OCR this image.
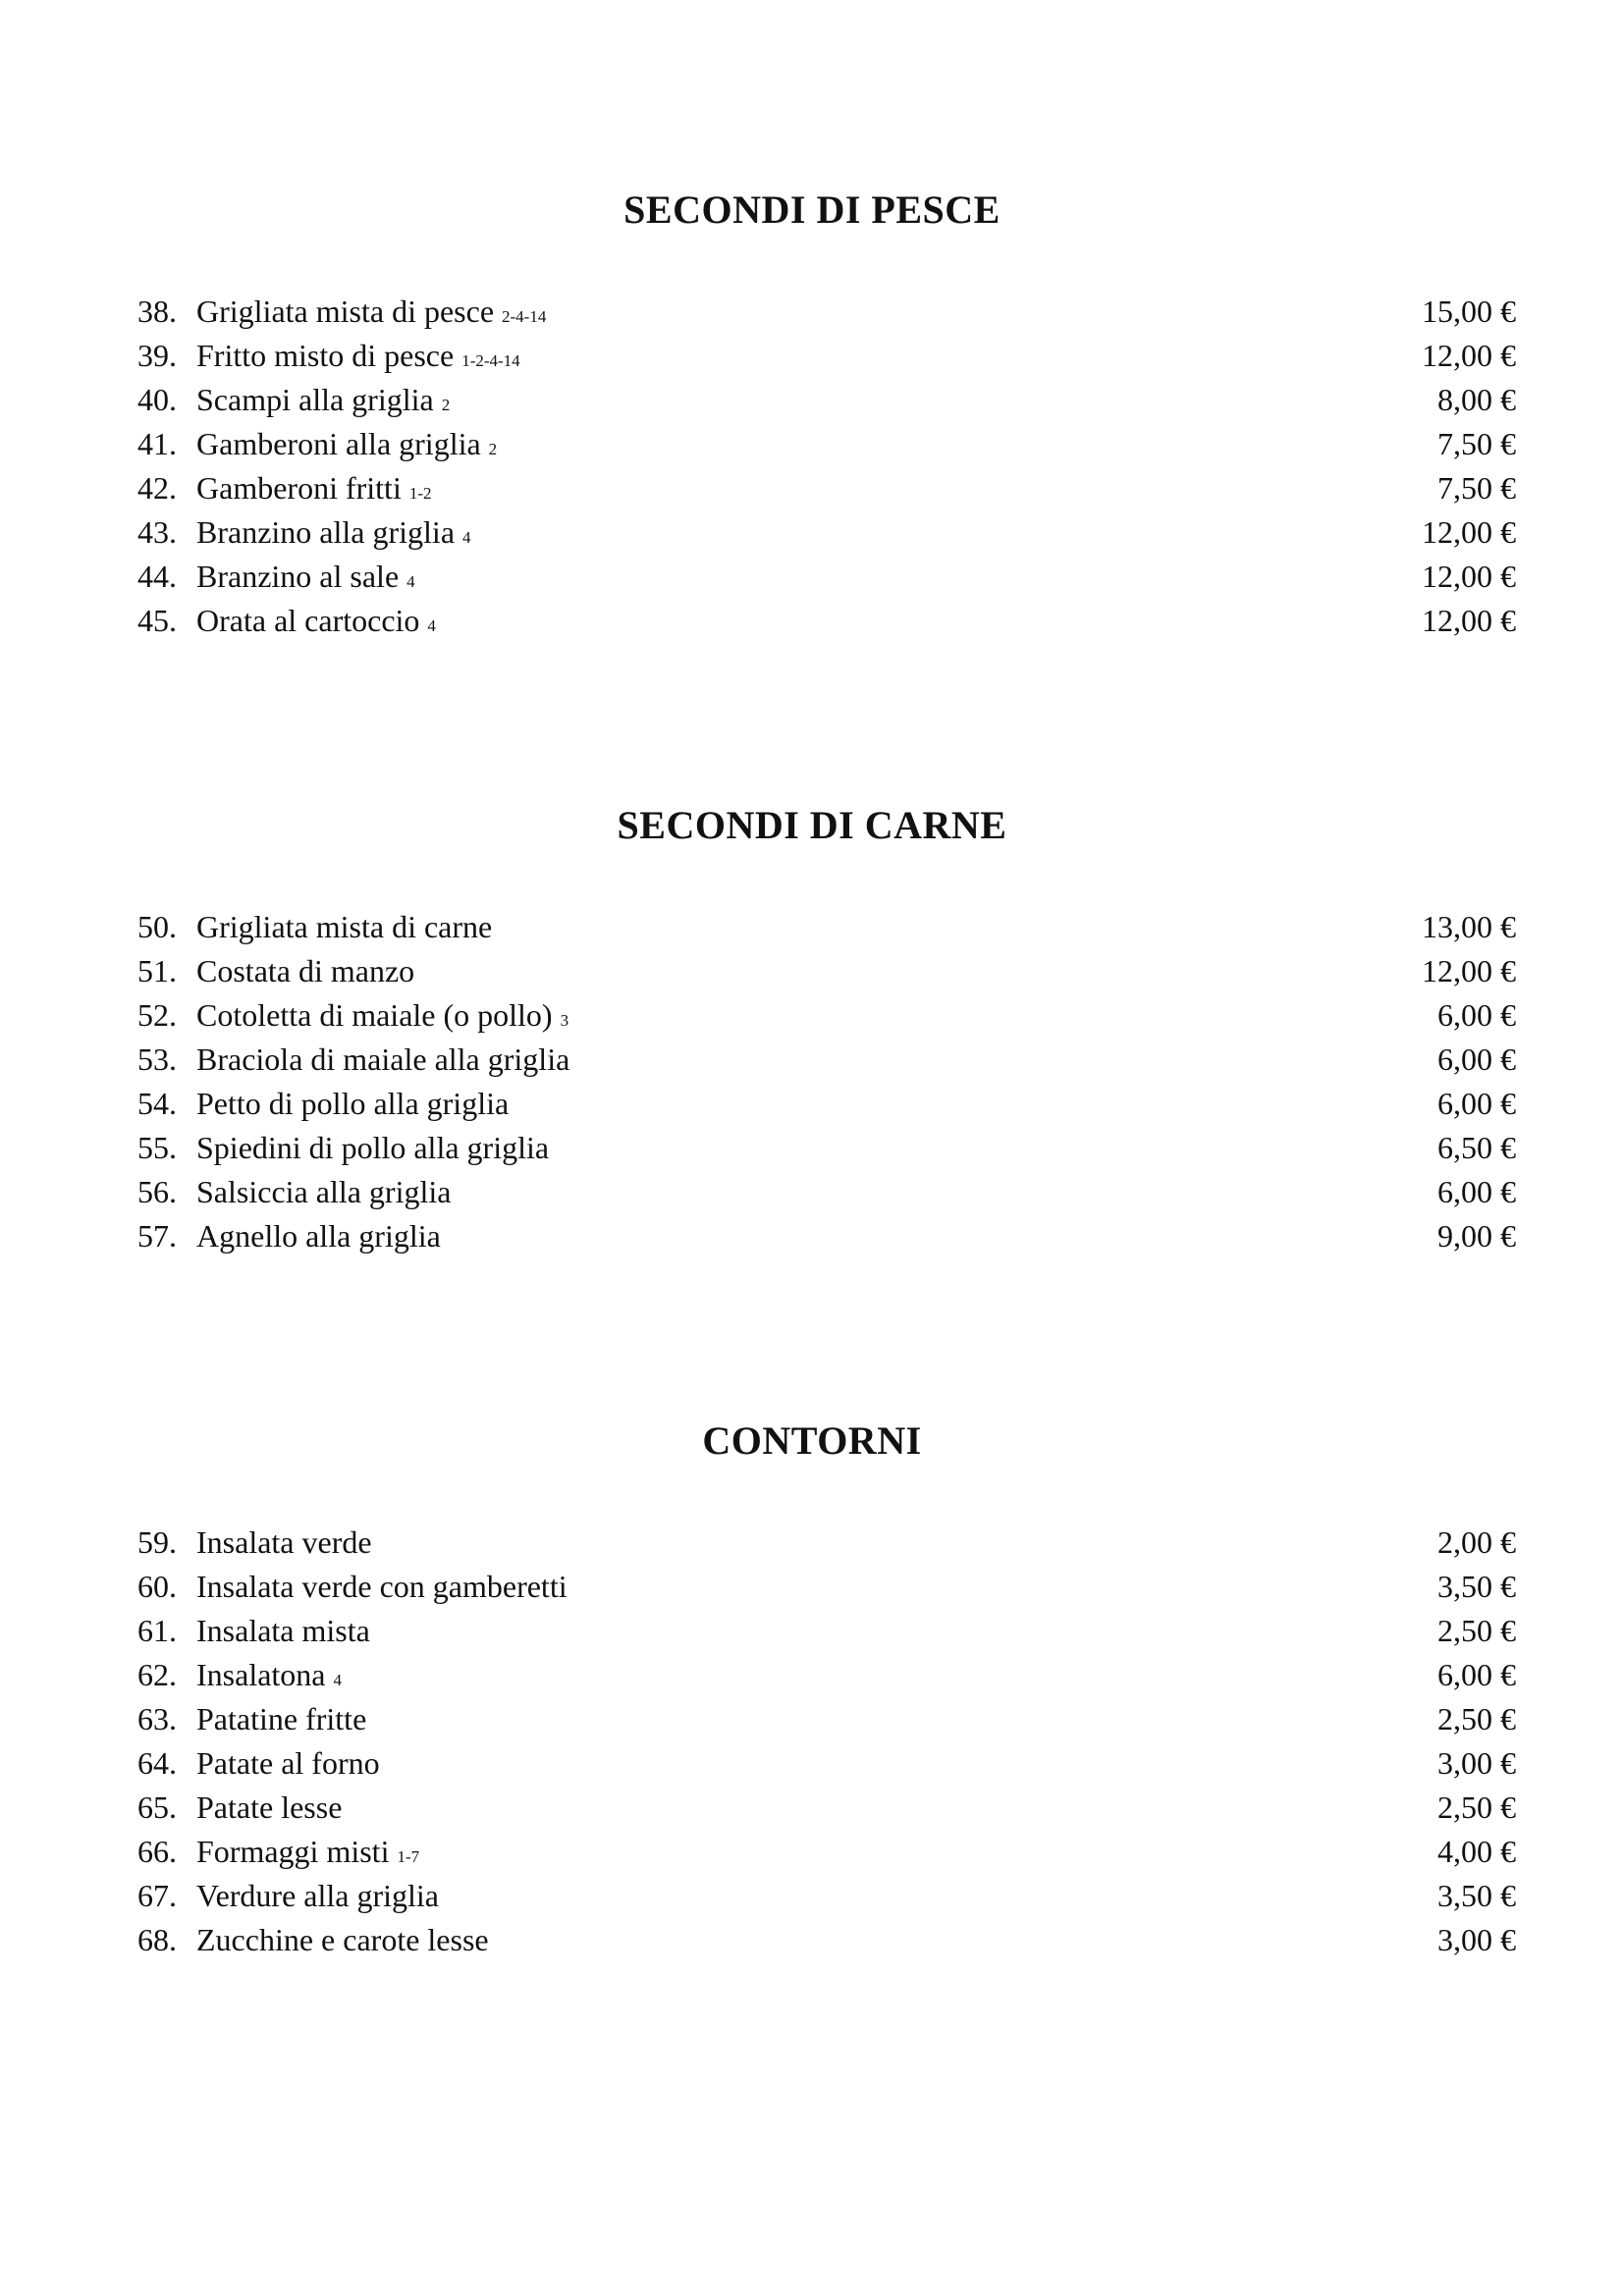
SECONDI DI PESCE
38. Grigliata mista di pesce 2-4-14	15,00 €
39. Fritto misto di pesce 1-2-4-14	12,00 €
40. Scampi alla griglia 2	8,00 €
41. Gamberoni alla griglia 2	7,50 €
42. Gamberoni fritti 1-2	7,50 €
43. Branzino alla griglia 4	12,00 €
44. Branzino al sale 4	12,00 €
45. Orata al cartoccio 4	12,00 €
SECONDI DI CARNE
50. Grigliata mista di carne	13,00 €
51. Costata di manzo	12,00 €
52. Cotoletta di maiale (o pollo) 3	6,00 €
53. Braciola di maiale alla griglia	6,00 €
54. Petto di pollo alla griglia	6,00 €
55. Spiedini di pollo alla griglia	6,50 €
56. Salsiccia alla griglia	6,00 €
57. Agnello alla griglia	9,00 €
CONTORNI
59. Insalata verde	2,00 €
60. Insalata verde con gamberetti	3,50 €
61. Insalata mista	2,50 €
62. Insalatona 4	6,00 €
63. Patatine fritte	2,50 €
64. Patate al forno	3,00 €
65. Patate lesse	2,50 €
66. Formaggi misti 1-7	4,00 €
67. Verdure alla griglia	3,50 €
68. Zucchine e carote lesse	3,00 €
